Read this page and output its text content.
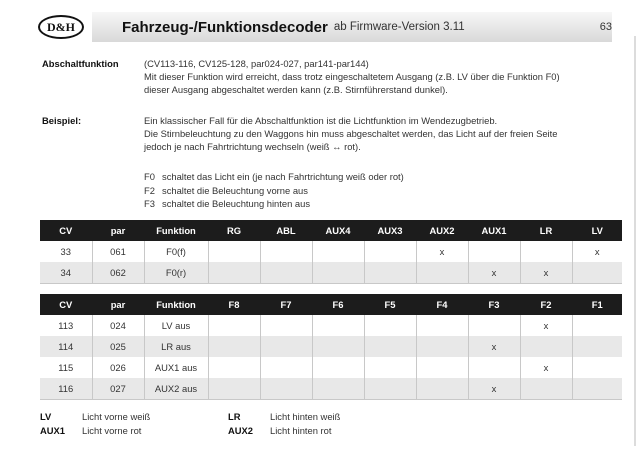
D&H	Fahrzeug-/Funktionsdecoder ab Firmware-Version 3.11	63
Abschaltfunktion	(CV113-116, CV125-128, par024-027, par141-par144)
Mit dieser Funktion wird erreicht, dass trotz eingeschaltetem Ausgang (z.B. LV über die Funktion F0)
dieser Ausgang abgeschaltet werden kann (z.B. Stirnführerstand dunkel).
Beispiel:	Ein klassischer Fall für die Abschaltfunktion ist die Lichtfunktion im Wendezugbetrieb.
Die Stirnbeleuchtung zu den Waggons hin muss abgeschaltet werden, das Licht auf der freien Seite
jedoch je nach Fahrtrichtung wechseln (weiß ↔ rot).
F0 schaltet das Licht ein (je nach Fahrtrichtung weiß oder rot)
F2 schaltet die Beleuchtung vorne aus
F3 schaltet die Beleuchtung hinten aus
CV	par	Funktion	RG	ABL	AUX4	AUX3	AUX2	AUX1	LR	LV
33	061	F0(f)					x			x
34	062	F0(r)						x	x	
CV	par	Funktion	F8	F7	F6	F5	F4	F3	F2	F1
113	024	LV aus							x	
114	025	LR aus						x		
115	026	AUX1 aus							x	
116	027	AUX2 aus						x		
LV	Licht vorne weiß	LR	Licht hinten weiß
AUX1 Licht vorne rot	AUX2 Licht hinten rot
